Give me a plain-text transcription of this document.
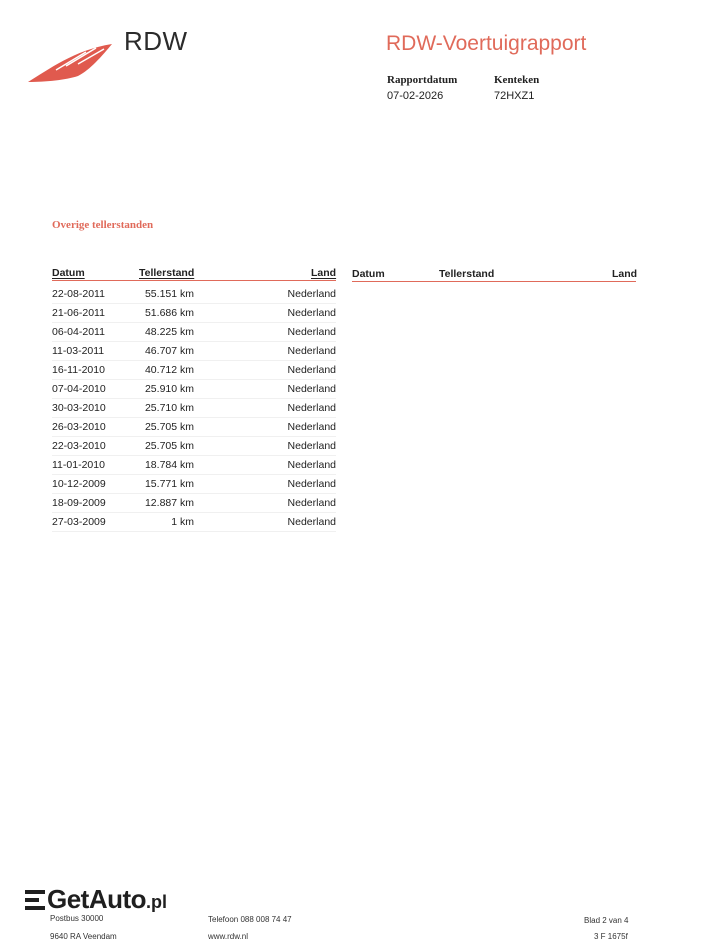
RDW	RDW-Voertuigrapport
Rapportdatum
07-02-2026
Kenteken
72HXZ1
Overige tellerstanden
Datum	Tellerstand	Land Datum	Tellerstand	Land
22-08-2011	55.151 km	Nederland
21-06-2011	51.686 km	Nederland
06-04-2011	48.225 km	Nederland
11-03-2011	46.707 km	Nederland
16-11-2010	40.712 km	Nederland
07-04-2010	25.910 km	Nederland
30-03-2010	25.710 km	Nederland
26-03-2010	25.705 km	Nederland
22-03-2010	25.705 km	Nederland
11-01-2010	18.784 km	Nederland
10-12-2009	15.771 km	Nederland
18-09-2009	12.887 km	Nederland
27-03-2009	1 km	Nederland
GetAuto .pl
Postbus 30000
9640 RA Veendam
Telefoon 088 008 74 47
www.rdw.nl
Blad 2 van 4
3 F 1675f
